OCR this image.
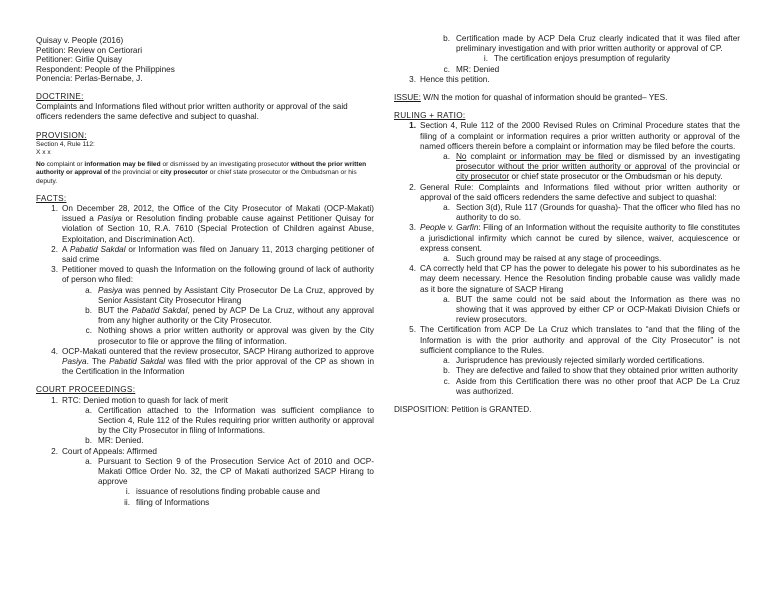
Quisay v. People (2016)

Petition: Review on Certiorari

Petitioner: Girlie Quisay

Respondent: People of the Philippines

Ponencia: Perlas-Bernabe, J.

DOCTRINE:

Complaints and Informations filed without prior written authority or approval of the said officers redenders the same defective and subject to quashal.

PROVISION:

Section 4, Rule 112:

X x x

No complaint or information may be filed or dismissed by an investigating prosecutor without the prior written authority or approval of the provincial or city prosecutor or chief state prosecutor or the Ombudsman or his deputy.

FACTS:

1. On December 28, 2012, the Office of the City Prosecutor of Makati (OCP-Makati) issued a Pasiya or Resolution finding probable cause against Petitioner Quisay for violation of Section 10, R.A. 7610 (Special Protection of Children against Abuse, Exploitation, and Discrimination Act).
2. A Pabatid Sakdal or Information was filed on January 11, 2013 charging petitioner of said crime
3. Petitioner moved to quash the Information on the following ground of lack of authority of person who filed:
a. Pasiya was penned by Assistant City Prosecutor De La Cruz, approved by Senior Assistant City Prosecutor Hirang
b. BUT the Pabatid Sakdal, pened by ACP De La Cruz, without any approval from any higher authority or the City Prosecutor.
c. Nothing shows a prior written authority or approval was given by the City prosecutor to file or approve the filing of information.
4. OCP-Makati ountered that the review prosecutor, SACP Hirang authorized to approve Pasiya. The Pabatid Sakdal was filed with the prior approval of the CP as shown in the Certification in the Information

COURT PROCEEDINGS:

1. RTC: Denied motion to quash for lack of merit
a. Certification attached to the Information was sufficient compliance to Section 4, Rule 112 of the Rules requiring prior written authority or approval by the City Prosecutor in filing of Informations.
b. MR: Denied.
2. Court of Appeals: Affirmed
a. Pursuant to Section 9 of the Prosecution Service Act of 2010 and OCP-Makati Office Order No. 32, the CP of Makati authorized SACP Hirang to approve
i. issuance of resolutions finding probable cause and
ii. filing of Informations
b. Certification made by ACP Dela Cruz clearly indicated that it was filed after preliminary investigation and with prior written authority or approval of CP.
i. The certification enjoys presumption of regularity
c. MR: Denied
3. Hence this petition.

ISSUE: W/N the motion for quashal of information should be granted– YES.

RULING + RATIO:

1. Section 4, Rule 112 of the 2000 Revised Rules on Criminal Procedure states that the filing of a complaint or information requires a prior written authority or approval of the named officers therein before a complaint or information may be filed before the courts.
a. No complaint or information may be filed or dismissed by an investigating prosecutor without the prior written authority or approval of the provincial or city prosecutor or chief state prosecutor or the Ombudsman or his deputy.
2. General Rule: Complaints and Informations filed without prior written authority or approval of the said officers redenders the same defective and subject to quashal:
a. Section 3(d), Rule 117 (Grounds for quasha)- That the officer who filed has no authority to do so.
3. People v. Garfin: Filing of an Information without the requisite authority to file constitutes a jurisdictional infirmity which cannot be cured by silence, waiver, acquiescence or express consent.
a. Such ground may be raised at any stage of proceedings.
4. CA correctly held that CP has the power to delegate his power to his subordinates as he may deem necessary. Hence the Resolution finding probable cause was validly made as it bore the signature of SACP Hirang
a. BUT the same could not be said about the Information as there was no showing that it was approved by either CP or OCP-Makati Division Chiefs or review prosecutors.
5. The Certification from ACP De La Cruz which translates to “and that the filing of the Information is with the prior authority and approval of the City Prosecutor” is not sufficient compliance to the Rules.
a. Jurisprudence has previously rejected similarly worded certifications.
b. They are defective and failed to show that they obtained prior written authority
c. Aside from this Certification there was no other proof that ACP De La Cruz was authorized.

DISPOSITION: Petition is GRANTED.
